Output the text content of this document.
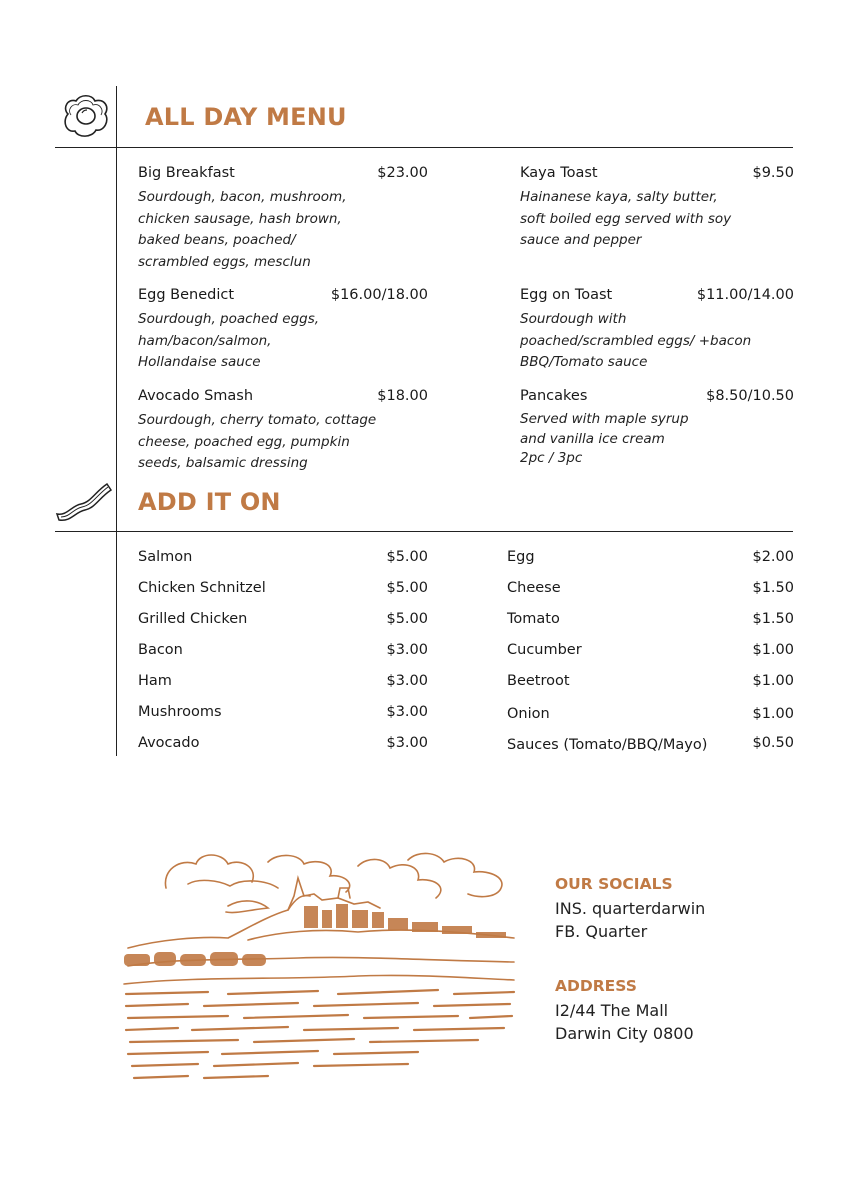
ALL DAY MENU
Big Breakfast	$23.00
Sourdough, bacon, mushroom,
chicken sausage, hash brown,
baked beans, poached/
scrambled eggs, mesclun
Egg Benedict	$16.00/18.00
Sourdough, poached eggs,
ham/bacon/salmon,
Hollandaise sauce
Avocado Smash	$18.00
Sourdough, cherry tomato, cottage
cheese, poached egg, pumpkin
seeds, balsamic dressing
Kaya Toast	$9.50
Hainanese kaya, salty butter,
soft boiled egg served with soy
sauce and pepper
Egg on Toast	$11.00/14.00
Sourdough with
poached/scrambled eggs/ +bacon
BBQ/Tomato sauce
Pancakes	$8.50/10.50
Served with maple syrup
and vanilla ice cream
2pc / 3pc
ADD IT ON
Salmon	$5.00
Chicken Schnitzel	$5.00
Grilled Chicken	$5.00
Bacon	$3.00
Ham	$3.00
Mushrooms	$3.00
Avocado	$3.00
Egg	$2.00
Cheese	$1.50
Tomato	$1.50
Cucumber	$1.00
Beetroot	$1.00
Onion	$1.00
Sauces (Tomato/BBQ/Mayo)	$0.50
OUR SOCIALS
INS. quarterdarwin
FB. Quarter
ADDRESS
I2/44 The Mall
Darwin City 0800
